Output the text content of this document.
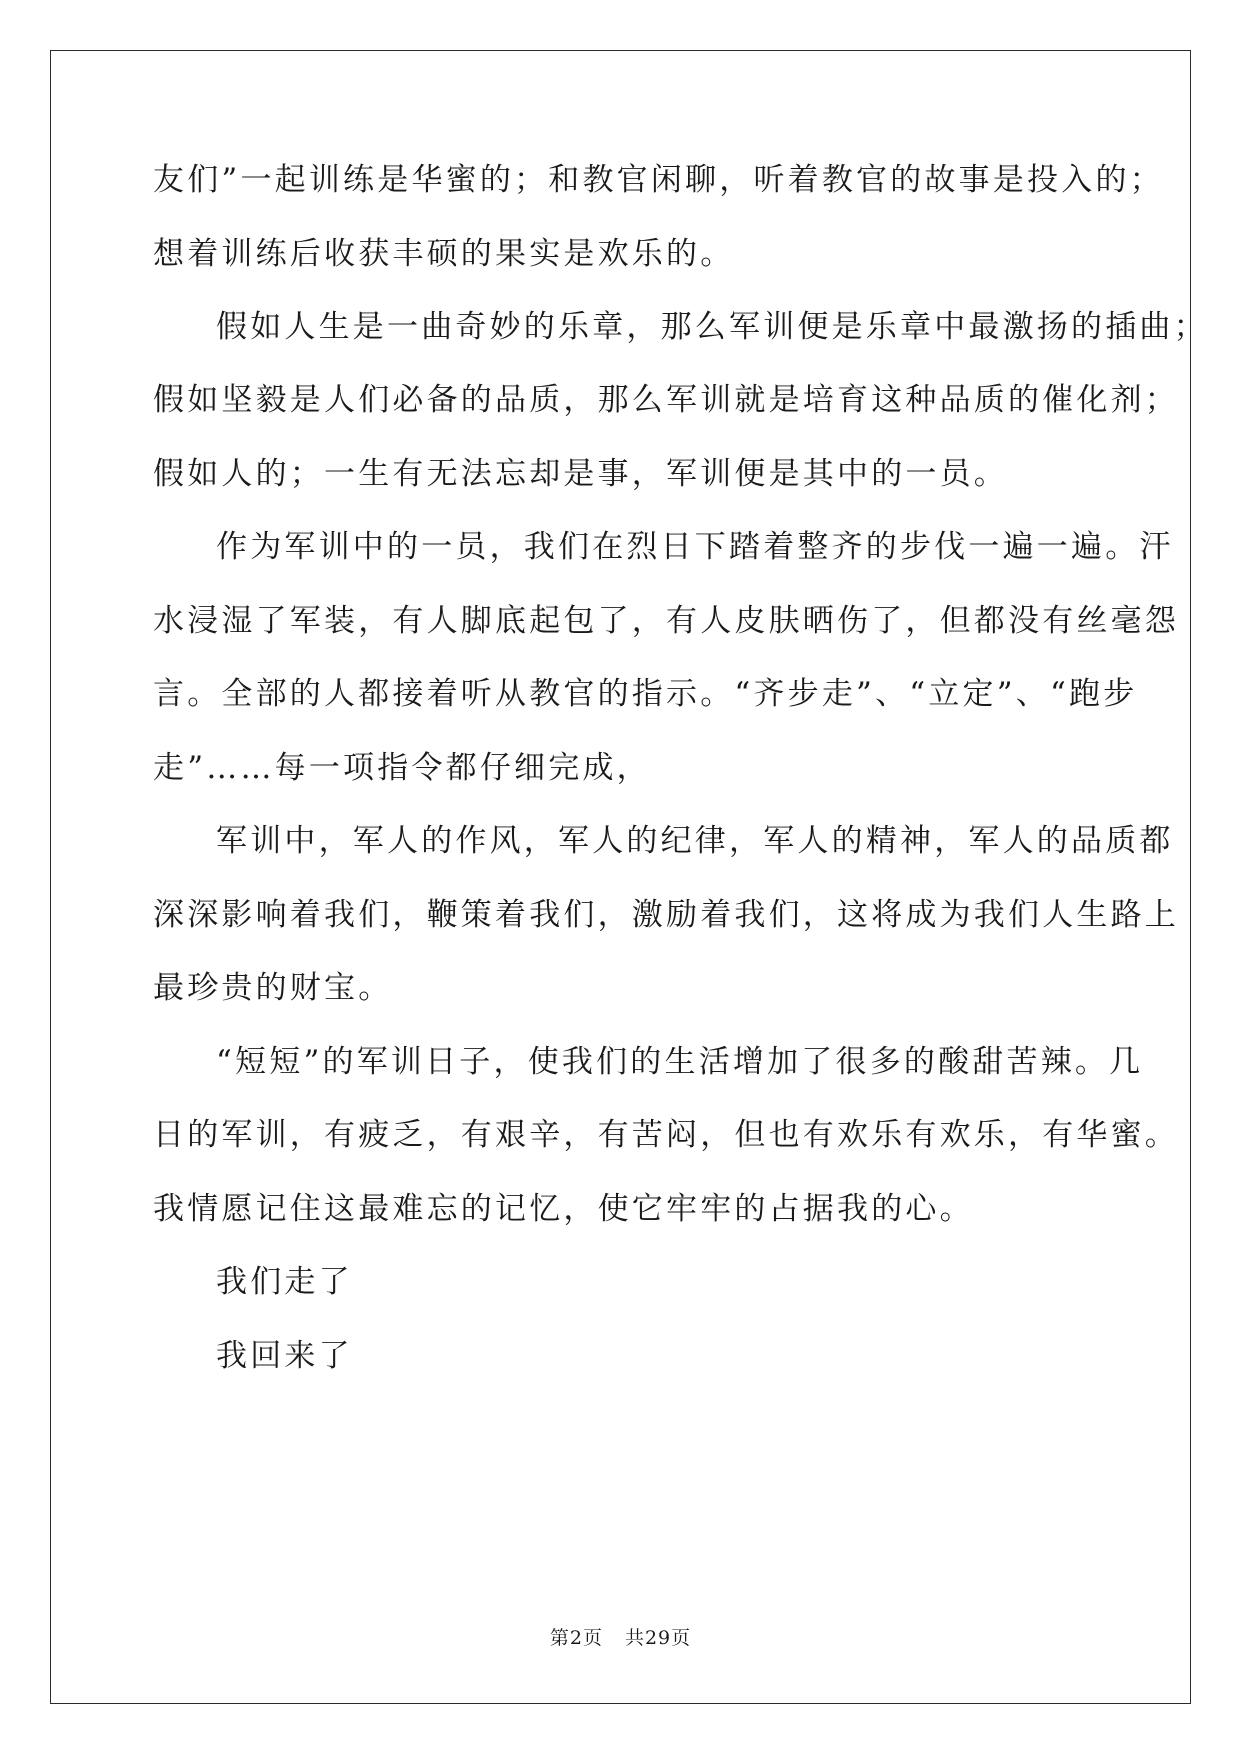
友们”一起训练是华蜜的；和教官闲聊，听着教官的故事是投入的；
想着训练后收获丰硕的果实是欢乐的。
假如人生是一曲奇妙的乐章，那么军训便是乐章中最激扬的插曲；
假如坚毅是人们必备的品质，那么军训就是培育这种品质的催化剂；
假如人的；一生有无法忘却是事，军训便是其中的一员。
作为军训中的一员，我们在烈日下踏着整齐的步伐一遍一遍。汗
水浸湿了军装，有人脚底起包了，有人皮肤晒伤了，但都没有丝毫怨
言。全部的人都接着听从教官的指示。“齐步走”、“立定”、“跑步
走”……每一项指令都仔细完成，
军训中，军人的作风，军人的纪律，军人的精神，军人的品质都
深深影响着我们，鞭策着我们，激励着我们，这将成为我们人生路上
最珍贵的财宝。
“短短”的军训日子，使我们的生活增加了很多的酸甜苦辣。几
日的军训，有疲乏，有艰辛，有苦闷，但也有欢乐有欢乐，有华蜜。
我情愿记住这最难忘的记忆，使它牢牢的占据我的心。
我们走了
我回来了
第2页 共29页
